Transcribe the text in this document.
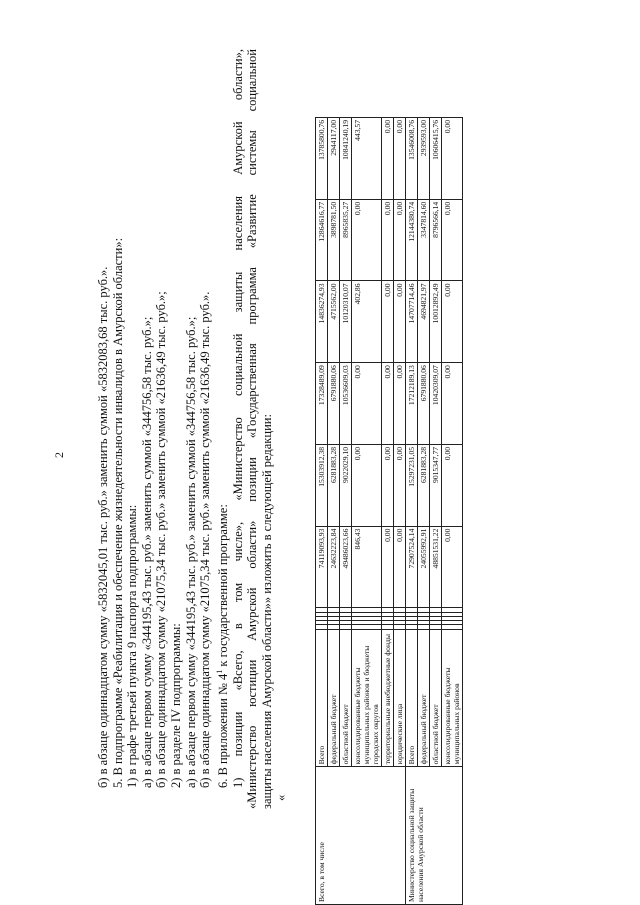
2 б) в абзаце одиннадцатом сумму «5832045,01 тыс. руб.» заменить суммой «5832083,68 тыс. руб.». 5. В подпрограмме «Реабилитация и обеспечение жизнедеятельности инвалидов в Амурской области»: 1) в графе третьей пункта 9 паспорта подпрограммы: а) в абзаце первом сумму «344195,43 тыс. руб.» заменить суммой «344756,58 тыс. руб.»; б) в абзаце одиннадцатом сумму «21075,34 тыс. руб.» заменить суммой «21636,49 тыс. руб.»; 2) в разделе IV подпрограммы: а) в абзаце первом сумму «344195,43 тыс. руб.» заменить суммой «344756,58 тыс. руб.»; б) в абзаце одиннадцатом сумму «21075,34 тыс. руб.» заменить суммой «21636,49 тыс. руб.». 6. В приложении № $4^1$ к государственной программе: 1) позиции «Всего, в том числе», «Министерство социальной защиты населения Амурской области», «Министерство юстиции Амурской области» позиции «Государственная программа «Развитие системы социальной защиты населения Амурской области»» изложить в следующей редакции: «
Всего, в том числе	Всего						74119093,93	15303912,38	17328489,09	14836274,93	12864616,77	13785800,76
	федеральный бюджет						24632223,84	6281883,28	6791880,06	4715562,00	3898781,50	2944117,00
	областной бюджет						49486023,66	9022029,10	10536609,03	10120310,07	8965835,27	10841240,19
	консолидированные бюджеты муниципальных районов и бюджеты городских округов						846,43	0,00	0,00	402,86	0,00	443,57
	территориальные внебюджетные фонды						0,00	0,00	0,00	0,00	0,00	0,00
	юридические лица						0,00	0,00	0,00	0,00	0,00	0,00
Министерство социальной защиты населения Амурской области	Всего						72907524,14	15297231,05	17212189,13	14707714,46	12144380,74	13546008,76
	федеральный бюджет						24055992,91	6281883,28	6791880,06	4694821,97	3347814,60	2939593,00
	областной бюджет						48851531,22	9015347,77	10420309,07	10012892,49	8796566,14	10606415,76
	консолидированные бюджеты муниципальных районов						0,00	0,00	0,00	0,00	0,00	0,00
